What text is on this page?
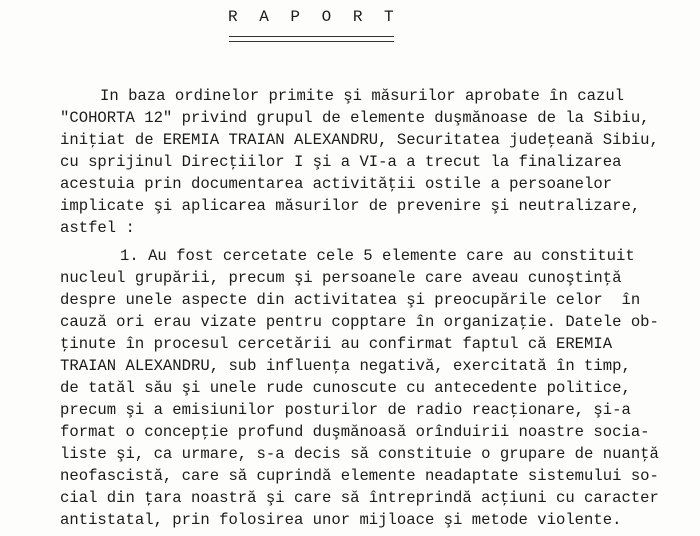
R A P O R T
In baza ordinelor primite şi măsurilor aprobate în cazul
"COHORTA 12" privind grupul de elemente duşmănoase de la Sibiu,
iniţiat de EREMIA TRAIAN ALEXANDRU, Securitatea judeţeană Sibiu,
cu sprijinul Direcţiilor I şi a VI-a a trecut la finalizarea
acestuia prin documentarea activităţii ostile a persoanelor
implicate şi aplicarea măsurilor de prevenire şi neutralizare,
astfel :
1. Au fost cercetate cele 5 elemente care au constituit
nucleul grupării, precum şi persoanele care aveau cunoştinţă
despre unele aspecte din activitatea şi preocupările celor  în
cauză ori erau vizate pentru copptare în organizaţie. Datele ob-
ţinute în procesul cercetării au confirmat faptul că EREMIA
TRAIAN ALEXANDRU, sub influenţa negativă, exercitată în timp,
de tatăl său şi unele rude cunoscute cu antecedente politice,
precum şi a emisiunilor posturilor de radio reacţionare, şi-a
format o concepţie profund duşmănoasă orînduirii noastre socia-
liste şi, ca urmare, s-a decis să constituie o grupare de nuanţă
neofascistă, care să cuprindă elemente neadaptate sistemului so-
cial din ţara noastră şi care să întreprindă acţiuni cu caracter
antistatal, prin folosirea unor mijloace şi metode violente.
